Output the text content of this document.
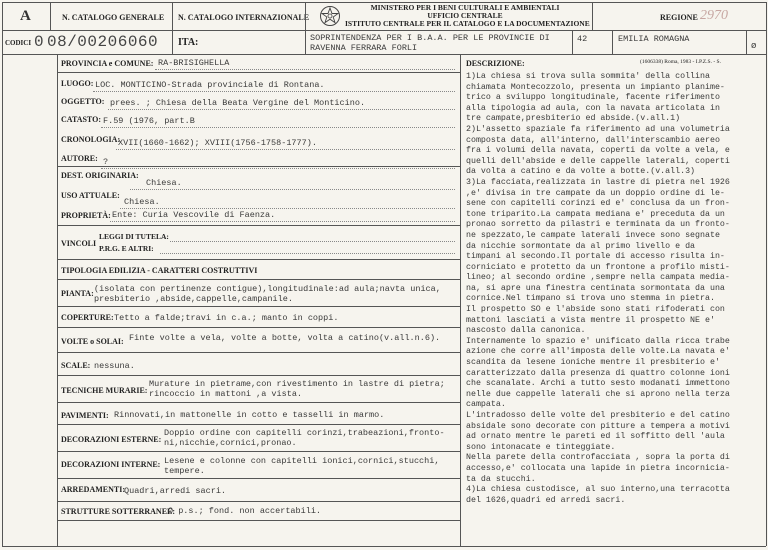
A	N. CATALOGO GENERALE N. CATALOGO INTERNAZIONALE
MINISTERO PER I BENI CULTURALI E AMBIENTALI
UFFICIO CENTRALE
ISTITUTO CENTRALE PER IL CATALOGO E LA DOCUMENTAZIONE
REGIONE 2970
CODICI 0 08/00206060 ITA:	SOPRINTENDENZA PER I B.A.A. PER LE PROVINCIE DI
RAVENNA FERRARA FORLI
42	EMILIA ROMAGNA
ø
PROVINCIA e COMUNE: RA-BRISIGHELLA
LUOGO: LOC. MONTICINO-Strada provinciale di Rontana.
OGGETTO: prees. ; Chiesa della Beata Vergine del Monticino.
CATASTO: F.59 (1976, part.B
CRONOLOGIA:
XVII(1660-1662); XVIII(1756-1758-1777).
AUTORE: ?
DEST. ORIGINARIA:
Chiesa.
USO ATTUALE:
Chiesa.
PROPRIETÀ: Ente: Curia Vescovile di Faenza.
VINCOLI
LEGGI DI TUTELA:
P.R.G. E ALTRI:
TIPOLOGIA EDILIZIA - CARATTERI COSTRUTTIVI
PIANTA: (isolata con pertinenze contigue),longitudinale:ad aula;navta unica,
presbiterio ,abside,cappelle,campanile.
COPERTURE: Tetto a falde;travi in c.a.; manto in coppi.
VOLTE o SOLAI: Finte volte a vela, volte a botte, volta a catino(v.all.n.6).
SCALE: nessuna.
TECNICHE MURARIE:
Murature in pietrame,con rivestimento in lastre di pietra;
rincoccio in mattoni ,a vista.
PAVIMENTI: Rinnovati,in mattonelle in cotto e tasselli in marmo.
DECORAZIONI ESTERNE:
Doppio ordine con capitelli corinzi,trabeazioni,fronto-
ni,nicchie,cornici,pronao.
DECORAZIONI INTERNE: Lesene e colonne con capitelli ionici,cornici,stucchi,
tempere.
ARREDAMENTI: Quadri,arredi sacri.
STRUTTURE SOTTERRANEE:
O p.s.; fond. non accertabili.
DESCRIZIONE:	(1606338) Roma, 1983 - I.P.Z.S. - S.
1)La chiesa si trova sulla sommita' della collina
chiamata Montecozzolo, presenta un impianto planime-
trico a sviluppo longitudinale, facente riferimento
alla tipologia ad aula, con la navata articolata in
tre campate,presbiterio ed abside.(v.all.1)
2)L'assetto spaziale fa riferimento ad una volumetria
composta data, all'interno, dall'interscambio aereo
fra i volumi della navata, coperti da volte a vela, e
quelli dell'abside e delle cappelle laterali, coperti
da volta a catino e da volte a botte.(v.all.3)
3)La facciata,realizzata in lastre di pietra nel 1926
,e' divisa in tre campate da un doppio ordine di le-
sene con capitelli corinzi ed e' conclusa da un fron-
tone triparito.La campata mediana e' preceduta da un
pronao sorretto da pilastri e terminata da un fronto-
ne spezzato,le campate laterali invece sono segnate
da nicchie sormontate da al primo livello e da
timpani al secondo.Il portale di accesso risulta in-
corniciato e protetto da un frontone a profilo misti-
lineo; al secondo ordine ,sempre nella campata media-
na, si apre una finestra centinata sormontata da una
cornice.Nel timpano si trova uno stemma in pietra.
Il prospetto SO e l'abside sono stati rifoderati con
mattoni lasciati a vista mentre il prospetto NE e'
nascosto dalla canonica.
Internamente lo spazio e' unificato dalla ricca trabe
azione che corre all'imposta delle volte.La navata e'
scandita da lesene ioniche mentre il presbiterio e'
caratterizzato dalla presenza di quattro colonne ioni
che scanalate. Archi a tutto sesto modanati immettono
nelle due cappelle laterali che si aprono nella terza
campata.
L'intradosso delle volte del presbiterio e del catino
absidale sono decorate con pitture a tempera a motivi
ad ornato mentre le pareti ed il soffitto dell 'aula
sono intonacate e tinteggiate.
Nella parete della controfacciata , sopra la porta di
accesso,e' collocata una lapide in pietra incornicia-
ta da stucchi.
4)La chiesa custodisce, al suo interno,una terracotta
del 1626,quadri ed arredi sacri.
